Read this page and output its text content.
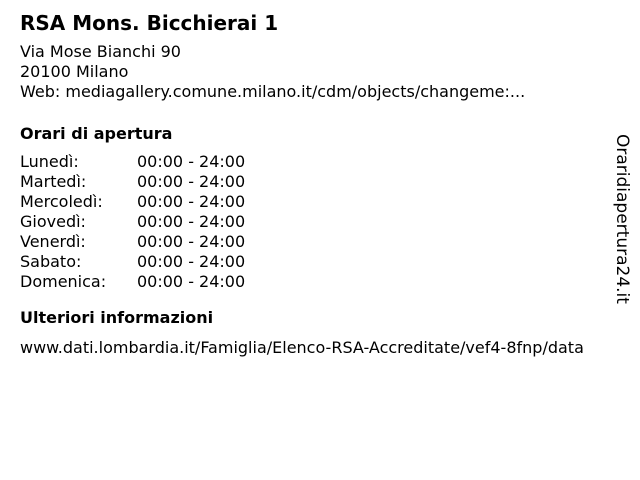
RSA Mons. Bicchierai 1
Via Mose Bianchi 90
20100 Milano
Web: mediagallery.comune.milano.it/cdm/objects/changeme:...
Orari di apertura
Lunedì:	00:00 - 24:00
Martedì:	00:00 - 24:00
Mercoledì:	00:00 - 24:00
Giovedì:	00:00 - 24:00
Venerdì:	00:00 - 24:00
Sabato:	00:00 - 24:00
Domenica:	00:00 - 24:00
Ulteriori informazioni
www.dati.lombardia.it/Famiglia/Elenco-RSA-Accreditate/vef4-8fnp/data
Oraridiapertura24.it
